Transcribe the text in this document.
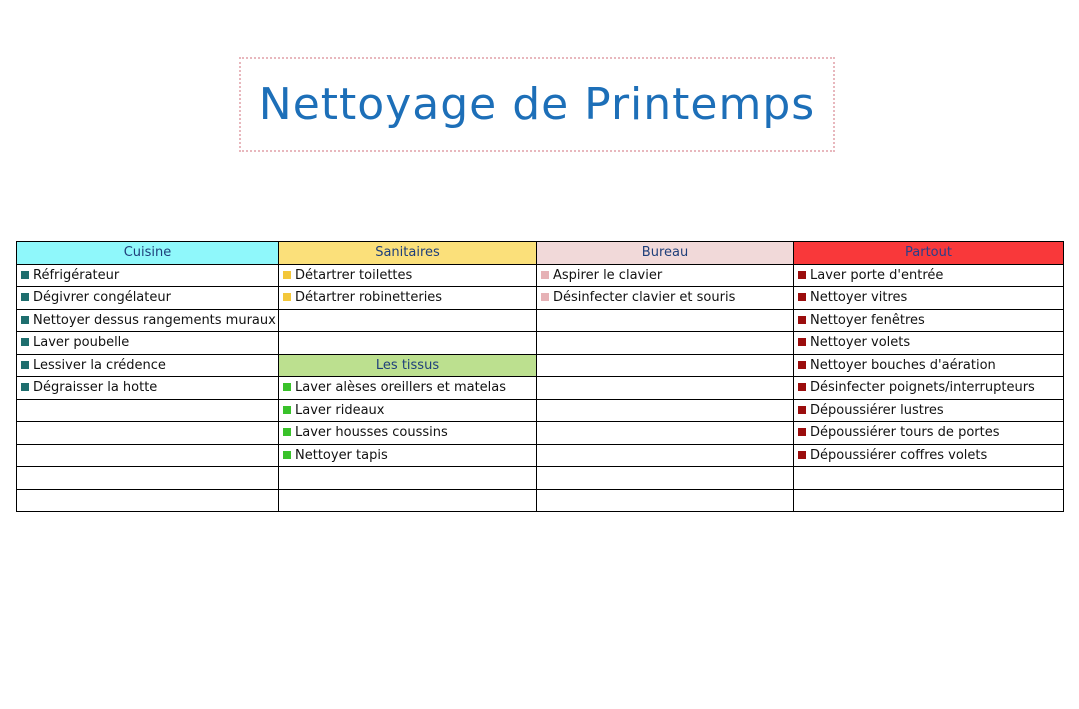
Nettoyage de Printemps
Cuisine	Sanitaires	Bureau	Partout
Réfrigérateur	Détartrer toilettes	Aspirer le clavier	Laver porte d'entrée
Dégivrer congélateur	Détartrer robinetteries	Désinfecter clavier et souris	Nettoyer vitres
Nettoyer dessus rangements muraux			Nettoyer fenêtres
Laver poubelle			Nettoyer volets
Lessiver la crédence	Les tissus		Nettoyer bouches d'aération
Dégraisser la hotte	Laver alèses oreillers et matelas		Désinfecter poignets/interrupteurs
	Laver rideaux		Dépoussiérer lustres
	Laver housses coussins		Dépoussiérer tours de portes
	Nettoyer tapis		Dépoussiérer coffres volets
